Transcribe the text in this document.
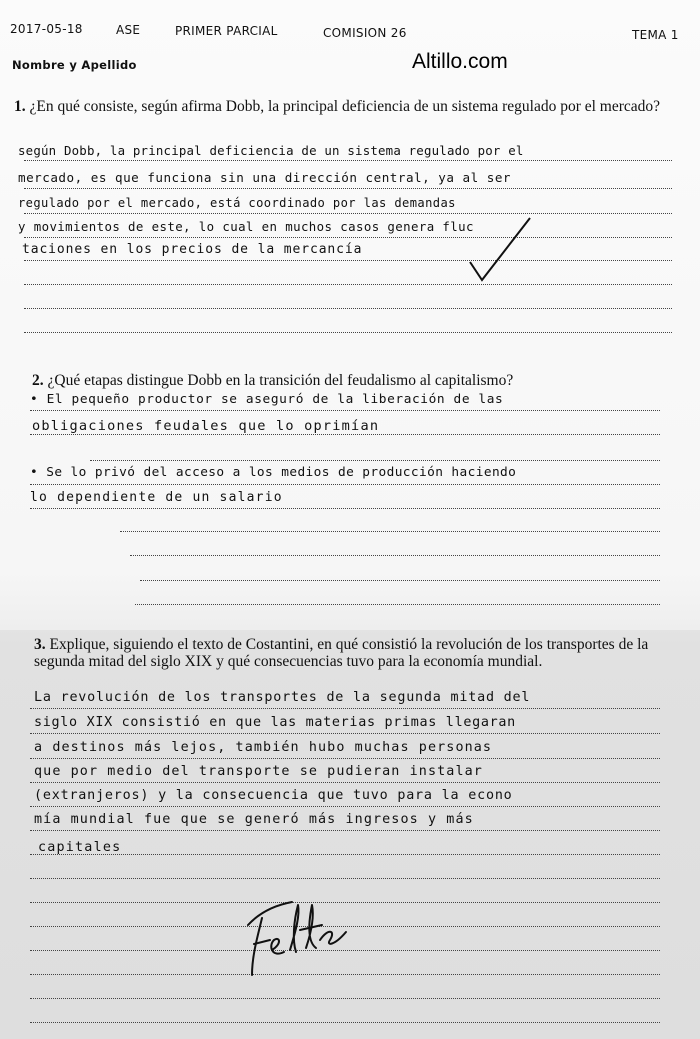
2017-05-18	ASE	PRIMER PARCIAL	COMISION 26	TEMA 1
Nombre y Apellido	Altillo.com
1. ¿En qué consiste, según afirma Dobb, la principal deficiencia de un sistema regulado por el mercado?
según Dobb, la principal deficiencia de un sistema regulado por el
mercado, es que funciona sin una dirección central, ya al ser
regulado por el mercado, está coordinado por las demandas
y movimientos de este, lo cual en muchos casos genera fluc
taciones en los precios de la mercancía
2. ¿Qué etapas distingue Dobb en la transición del feudalismo al capitalismo?
• El pequeño productor se aseguró de la liberación de las
obligaciones feudales que lo oprimían
• Se lo privó del acceso a los medios de producción haciendo
lo dependiente de un salario
3. Explique, siguiendo el texto de Costantini, en qué consistió la revolución de los transportes de la segunda mitad del siglo XIX y qué consecuencias tuvo para la economía mundial.
La revolución de los transportes de la segunda mitad del
siglo XIX consistió en que las materias primas llegaran
a destinos más lejos, también hubo muchas personas
que por medio del transporte se pudieran instalar
(extranjeros) y la consecuencia que tuvo para la econo
mía mundial fue que se generó más ingresos y más
capitales
